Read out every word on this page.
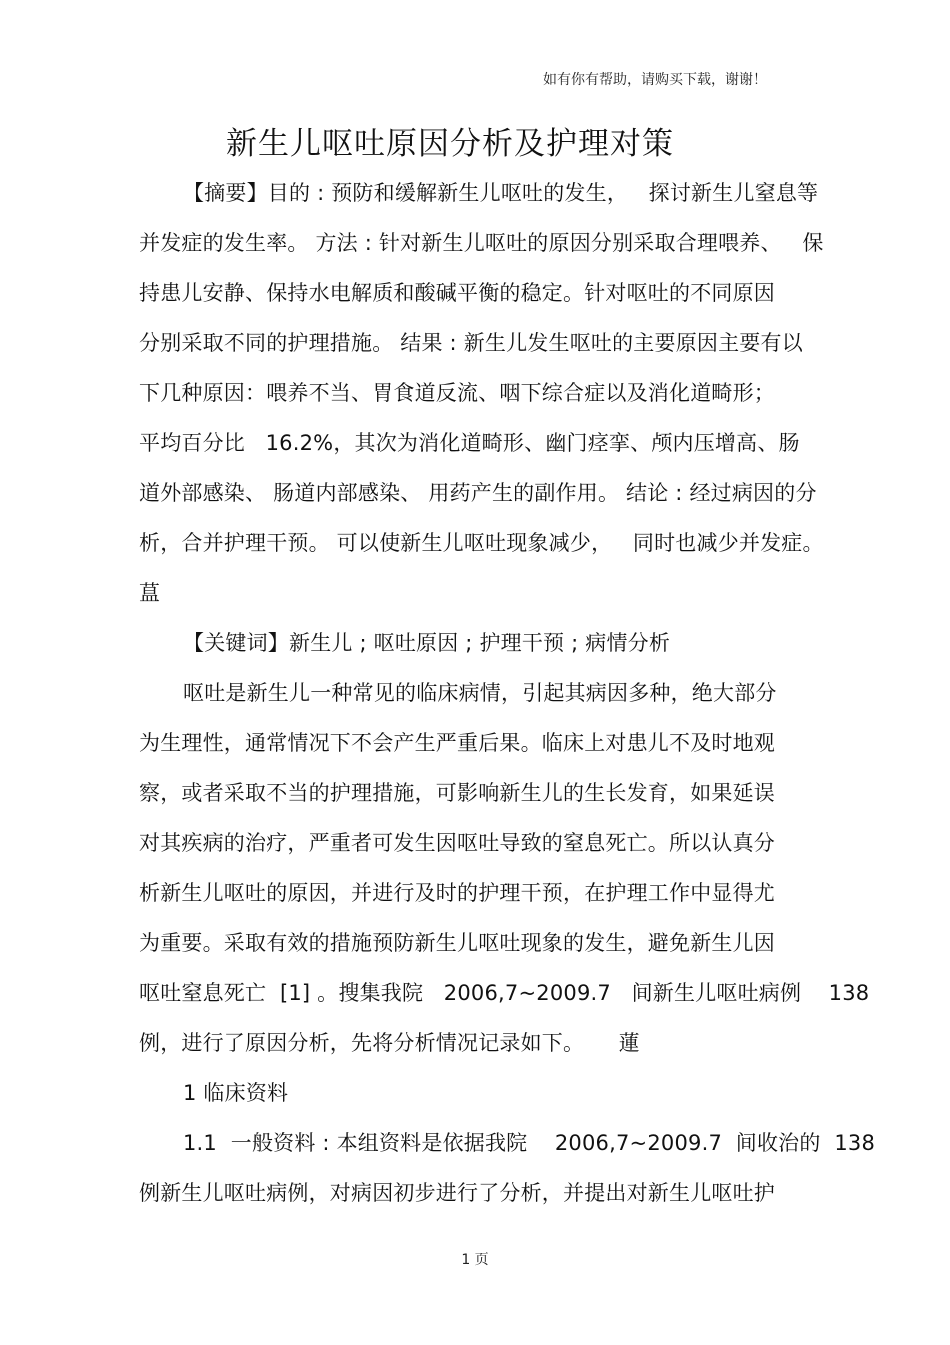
如有你有帮助，请购买下载，谢谢！
新生儿呕吐原因分析及护理对策
【摘要】目的 : 预防和缓解新生儿呕吐的发生，   探讨新生儿窒息等
并发症的发生率。 方法 : 针对新生儿呕吐的原因分别采取合理喂养、   保
持患儿安静、保持水电解质和酸碱平衡的稳定。针对呕吐的不同原因
分别采取不同的护理措施。 结果 : 新生儿发生呕吐的主要原因主要有以
下几种原因：喂养不当、胃食道反流、咽下综合症以及消化道畸形；
平均百分比   16.2%，其次为消化道畸形、幽门痉挛、颅内压增高、肠
道外部感染、 肠道内部感染、 用药产生的副作用。 结论 : 经过病因的分
析，合并护理干预。 可以使新生儿呕吐现象减少，   同时也减少并发症。
蒀
【关键词】新生儿 ; 呕吐原因 ; 护理干预 ; 病情分析
呕吐是新生儿一种常见的临床病情，引起其病因多种，绝大部分
为生理性，通常情况下不会产生严重后果。临床上对患儿不及时地观
察，或者采取不当的护理措施，可影响新生儿的生长发育，如果延误
对其疾病的治疗，严重者可发生因呕吐导致的窒息死亡。所以认真分
析新生儿呕吐的原因，并进行及时的护理干预，在护理工作中显得尤
为重要。采取有效的措施预防新生儿呕吐现象的发生，避免新生儿因
呕吐窒息死亡  [1] 。搜集我院   2006,7~2009.7   间新生儿呕吐病例    138
例，进行了原因分析，先将分析情况记录如下。     蓮
1 临床资料
1.1  一般资料 : 本组资料是依据我院    2006,7~2009.7  间收治的  138
例新生儿呕吐病例，对病因初步进行了分析，并提出对新生儿呕吐护
1 页
